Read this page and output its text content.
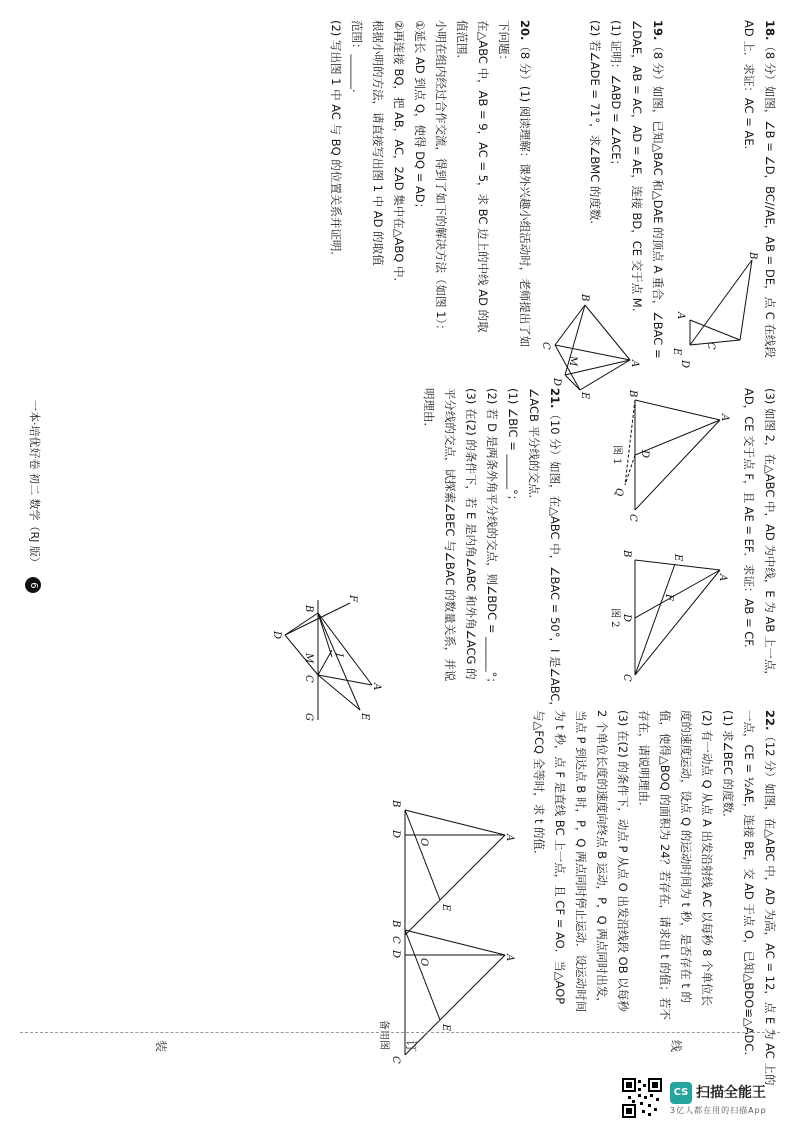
18.（8 分）如图，∠B = ∠D，BC//AE，AB = DE，点 C 在线段
AD 上．求证：AC = AE.
B
D
C
A
E
19.（8 分）如图，已知△BAC 和△DAE 的顶点 A 重合，∠BAC =
∠DAE，AB = AC，AD = AE，连接 BD，CE 交于点 M.
(1) 证明：∠ABD = ∠ACE；
(2) 若∠ADE = 71°，求∠BMC 的度数.
A
B
E
M
D
C
20.（8 分）(1) 阅读理解：课外兴趣小组活动时，老师提出了如
下问题：
在△ABC 中，AB = 9，AC = 5，求 BC 边上的中线 AD 的取
值范围．
小明在组内经过合作交流，得到了如下的解决方法（如图 1）：
①延长 AD 到点 Q，使得 DQ = AD；
②再连接 BQ，把 AB，AC，2AD 集中在△ABQ 中．
根据小明的方法，请直接写出图 1 中 AD 的取值
范围：______.
(2) 写出图 1 中 AC 与 BQ 的位置关系并证明．
(3) 如图 2，在△ABC 中，AD 为中线，E 为 AB 上一点，
AD，CE 交于点 F，且 AE = EF．求证：AB = CF.
A
B
D
C
Q
图 1
A
E
F
B
D
C
图 2
21.（10 分）如图，在△ABC 中，∠BAC = 50°，I 是∠ABC，
∠ACB 平分线的交点．
(1) ∠BIC = ______°；
(2) 若 D 是两条外角平分线的交点，则∠BDC = ______°；
(3) 在(2) 的条件下，若 E 是内角∠ABC 和外角∠ACG 的
平分线的交点，试探索∠BEC 与∠BAC 的数量关系，并说
明理由．
A
E
F
I
B
M
C
G
D
22.（12 分）如图，在△ABC 中，AD 为高，AC = 12，点 E 为 AC 上的
一点，CE = ½AE，连接 BE，交 AD 于点 O，已知△BDO≌△ADC.
(1) 求∠BEC 的度数．
(2) 有一动点 Q 从点 A 出发沿射线 AC 以每秒 8 个单位长
度的速度运动，设点 Q 的运动时间为 t 秒，是否存在 t 的
值，使得△BOQ 的面积为 24？若存在，请求出 t 的值；若不
存在，请说明理由．
(3) 在(2) 的条件下，动点 P 从点 O 出发沿线段 OB 以每秒
2 个单位长度的速度向终点 B 运动，P，Q 两点同时出发，
当点 P 到达点 B 时，P，Q 两点同时停止运动．设运动时间
为 t 秒，点 F 是直线 BC 上一点，且 CF = AO．当△AOP
与△FCQ 全等时，求 t 的值．
A
E
O
B
D
C
A
E
O
B
D
C
备用图
一本·培优好卷 初二 数学（RJ 版） 6
线
订
装
CS 扫描全能王
3亿人都在用的扫描App
